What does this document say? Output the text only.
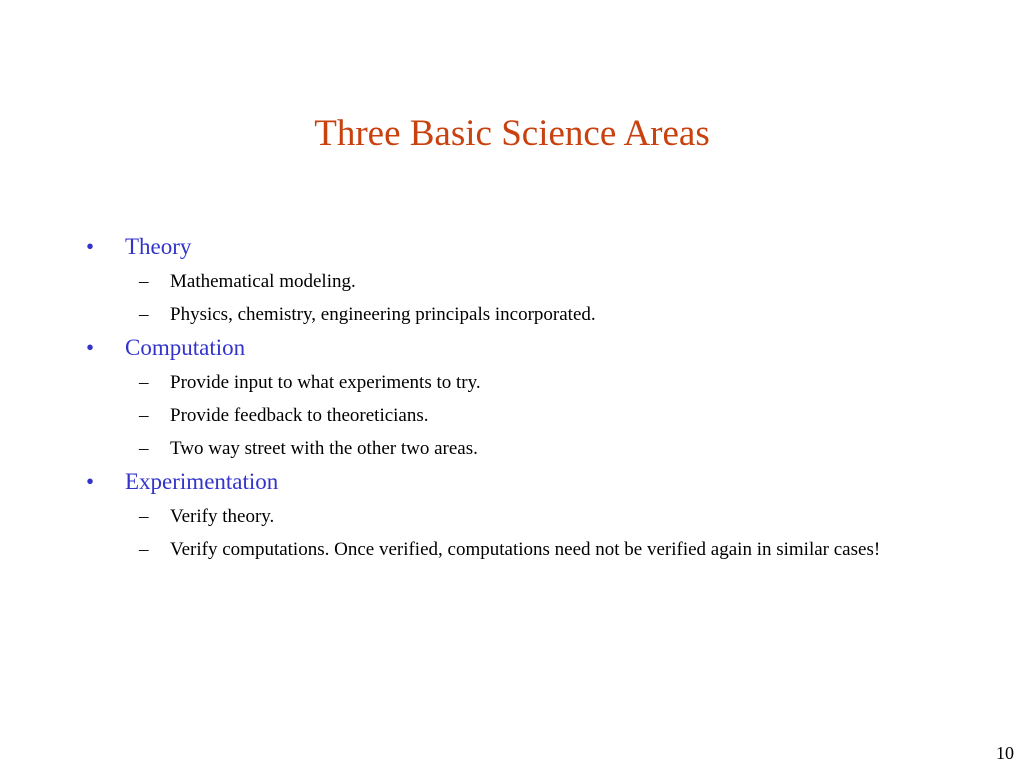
Three Basic Science Areas
• Theory
– Mathematical modeling.
– Physics, chemistry, engineering principals incorporated.
• Computation
– Provide input to what experiments to try.
– Provide feedback to theoreticians.
– Two way street with the other two areas.
• Experimentation
– Verify theory.
– Verify computations. Once verified, computations need not be verified again in similar cases!
10
